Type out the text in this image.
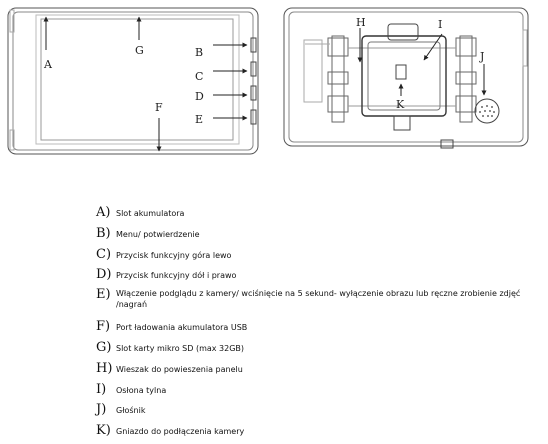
A
G	B
C
D
E
F
H	I
J
K
A) Slot akumulatora
B) Menu/ potwierdzenie
C) Przycisk funkcyjny góra lewo
D) Przycisk funkcyjny dół i prawo
E) Włączenie podglądu z kamery/ wciśnięcie na 5 sekund- wyłączenie obrazu lub ręczne zrobienie zdjęć /nagrań
F) Port ładowania akumulatora USB
G) Slot karty mikro SD (max 32GB)
H) Wieszak do powieszenia panelu
I)	Osłona tylna
J)	Głośnik
K) Gniazdo do podłączenia kamery
